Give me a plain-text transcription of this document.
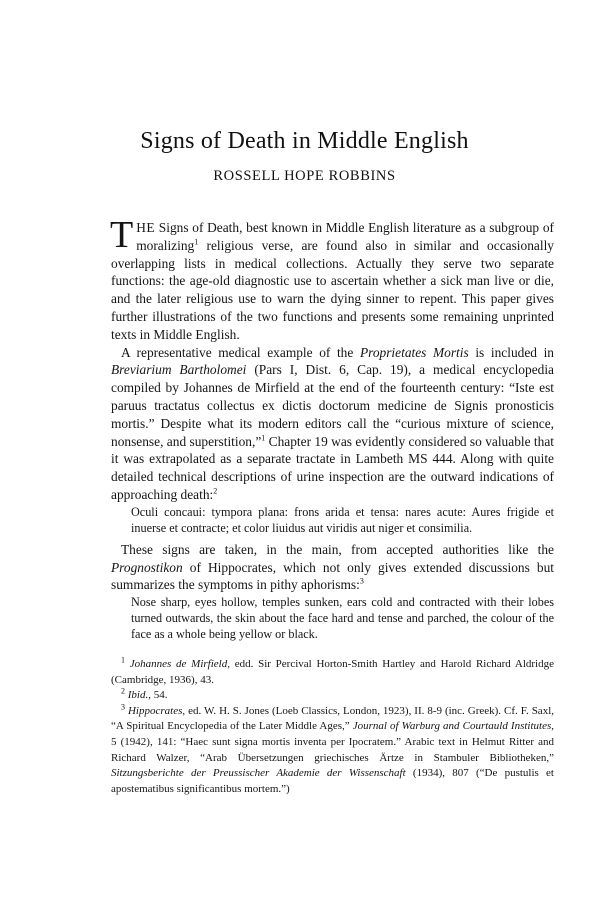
Signs of Death in Middle English
ROSSELL HOPE ROBBINS

THE Signs of Death, best known in Middle English literature as a subgroup of moralizing$^1$ religious verse, are found also in similar and occasionally overlapping lists in medical collections. Actually they serve two separate functions: the age-old diagnostic use to ascertain whether a sick man live or die, and the later religious use to warn the dying sinner to repent. This paper gives further illustrations of the two functions and presents some remaining unprinted texts in Middle English.

A representative medical example of the Proprietates Mortis is included in Breviarium Bartholomei (Pars I, Dist. 6, Cap. 19), a medical encyclopedia compiled by Johannes de Mirfield at the end of the fourteenth century: “Iste est paruus tractatus collectus ex dictis doctorum medicine de Signis pronosticis mortis.” Despite what its modern editors call the “curious mixture of science, nonsense, and superstition,”$^1$ Chapter 19 was evidently considered so valuable that it was extrapolated as a separate tractate in Lambeth MS 444. Along with quite detailed technical descriptions of urine inspection are the outward indications of approaching death:$^2$

Oculi concaui: tympora plana: frons arida et tensa: nares acute: Aures frigide et inuerse et contracte; et color liuidus aut viridis aut niger et consimilia.

These signs are taken, in the main, from accepted authorities like the Prognostikon of Hippocrates, which not only gives extended discussions but summarizes the symptoms in pithy aphorisms:$^3$

Nose sharp, eyes hollow, temples sunken, ears cold and contracted with their lobes turned outwards, the skin about the face hard and tense and parched, the colour of the face as a whole being yellow or black.

$^1$ Johannes de Mirfield, edd. Sir Percival Horton-Smith Hartley and Harold Richard Aldridge (Cambridge, 1936), 43.

$^2$ Ibid., 54.

$^3$ Hippocrates, ed. W. H. S. Jones (Loeb Classics, London, 1923), II. 8-9 (inc. Greek). Cf. F. Saxl, “A Spiritual Encyclopedia of the Later Middle Ages,” Journal of Warburg and Courtauld Institutes, 5 (1942), 141: “Haec sunt signa mortis inventa per Ipocratem.” Arabic text in Helmut Ritter and Richard Walzer, “Arab Übersetzungen griechisches Ärtze in Stambuler Bibliotheken,” Sitzungsberichte der Preussischer Akademie der Wissenschaft (1934), 807 (“De pustulis et apostematibus significantibus mortem.”)
